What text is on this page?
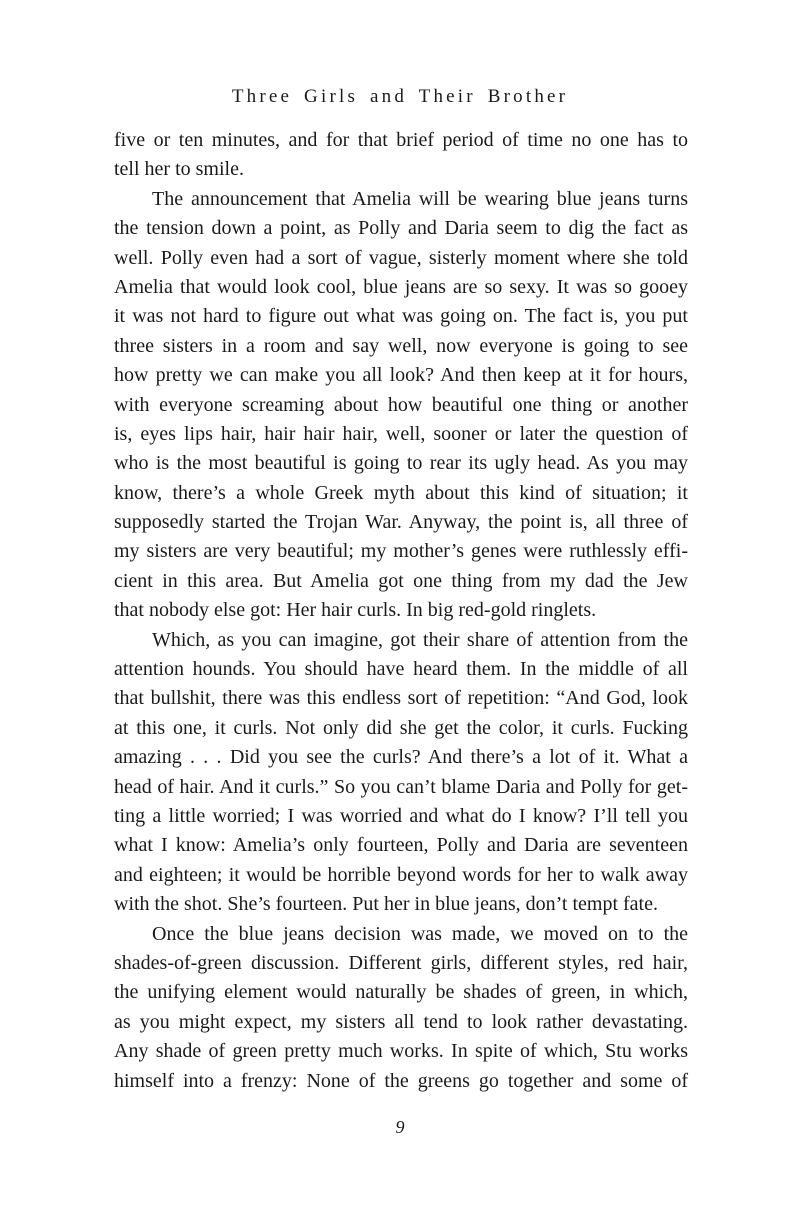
Three Girls and Their Brother
five or ten minutes, and for that brief period of time no one has to
tell her to smile.
The announcement that Amelia will be wearing blue jeans turns
the tension down a point, as Polly and Daria seem to dig the fact as
well. Polly even had a sort of vague, sisterly moment where she told
Amelia that would look cool, blue jeans are so sexy. It was so gooey
it was not hard to figure out what was going on. The fact is, you put
three sisters in a room and say well, now everyone is going to see
how pretty we can make you all look? And then keep at it for hours,
with everyone screaming about how beautiful one thing or another
is, eyes lips hair, hair hair hair, well, sooner or later the question of
who is the most beautiful is going to rear its ugly head. As you may
know, there’s a whole Greek myth about this kind of situation; it
supposedly started the Trojan War. Anyway, the point is, all three of
my sisters are very beautiful; my mother’s genes were ruthlessly effi-
cient in this area. But Amelia got one thing from my dad the Jew
that nobody else got: Her hair curls. In big red-gold ringlets.
Which, as you can imagine, got their share of attention from the
attention hounds. You should have heard them. In the middle of all
that bullshit, there was this endless sort of repetition: “And God, look
at this one, it curls. Not only did she get the color, it curls. Fucking
amazing . . . Did you see the curls? And there’s a lot of it. What a
head of hair. And it curls.” So you can’t blame Daria and Polly for get-
ting a little worried; I was worried and what do I know? I’ll tell you
what I know: Amelia’s only fourteen, Polly and Daria are seventeen
and eighteen; it would be horrible beyond words for her to walk away
with the shot. She’s fourteen. Put her in blue jeans, don’t tempt fate.
Once the blue jeans decision was made, we moved on to the
shades-of-green discussion. Different girls, different styles, red hair,
the unifying element would naturally be shades of green, in which,
as you might expect, my sisters all tend to look rather devastating.
Any shade of green pretty much works. In spite of which, Stu works
himself into a frenzy: None of the greens go together and some of
9
